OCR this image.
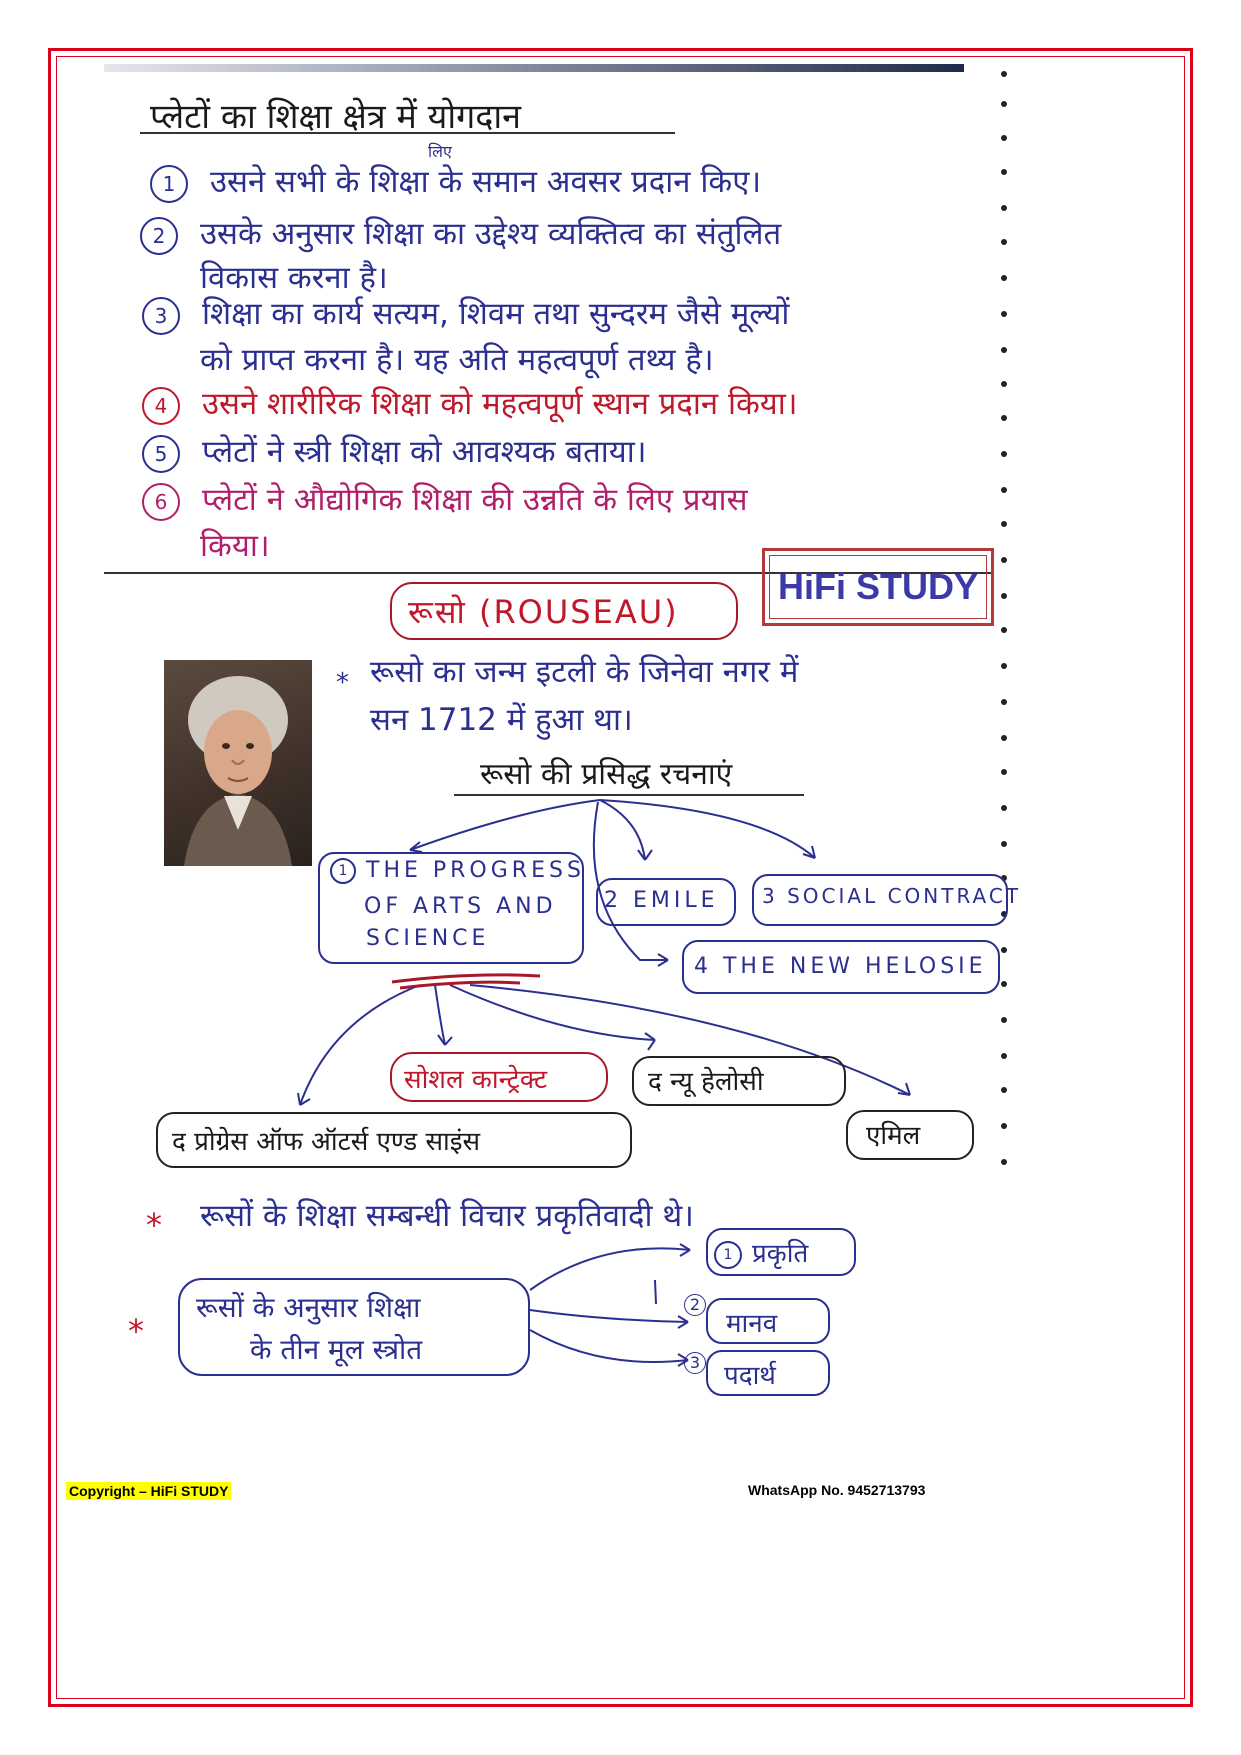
प्लेटों का शिक्षा क्षेत्र में योगदान
लिए
1 उसने सभी के शिक्षा के समान अवसर प्रदान किए।
2 उसके अनुसार शिक्षा का उद्देश्य व्यक्तित्व का संतुलित
विकास करना है।
3 शिक्षा का कार्य सत्यम, शिवम तथा सुन्दरम जैसे मूल्यों
को प्राप्त करना है। यह अति महत्वपूर्ण तथ्य है।
4 उसने शारीरिक शिक्षा को महत्वपूर्ण स्थान प्रदान किया।
5 प्लेटों ने स्त्री शिक्षा को आवश्यक बताया।
6 प्लेटों ने औद्योगिक शिक्षा की उन्नति के लिए प्रयास
किया।
HiFi STUDY
रूसो (ROUSEAU)
* रूसो का जन्म इटली के जिनेवा नगर में
सन 1712 में हुआ था।
रूसो की प्रसिद्ध रचनाएं
1 THE PROGRESS
OF ARTS AND
SCIENCE
2 EMILE 3 SOCIAL CONTRACT
4 THE NEW HELOSIE
सोशल कान्ट्रेक्ट	द न्यू हेलोसी
द प्रोग्रेस ऑफ ऑटर्स एण्ड साइंस	एमिल
* रूसों के शिक्षा सम्बन्धी विचार प्रकृतिवादी थे।
*
रूसों के अनुसार शिक्षा
के तीन मूल स्त्रोत
1 प्रकृति
2
मानव
3 पदार्थ
Copyright – HiFi STUDY	WhatsApp No. 9452713793
